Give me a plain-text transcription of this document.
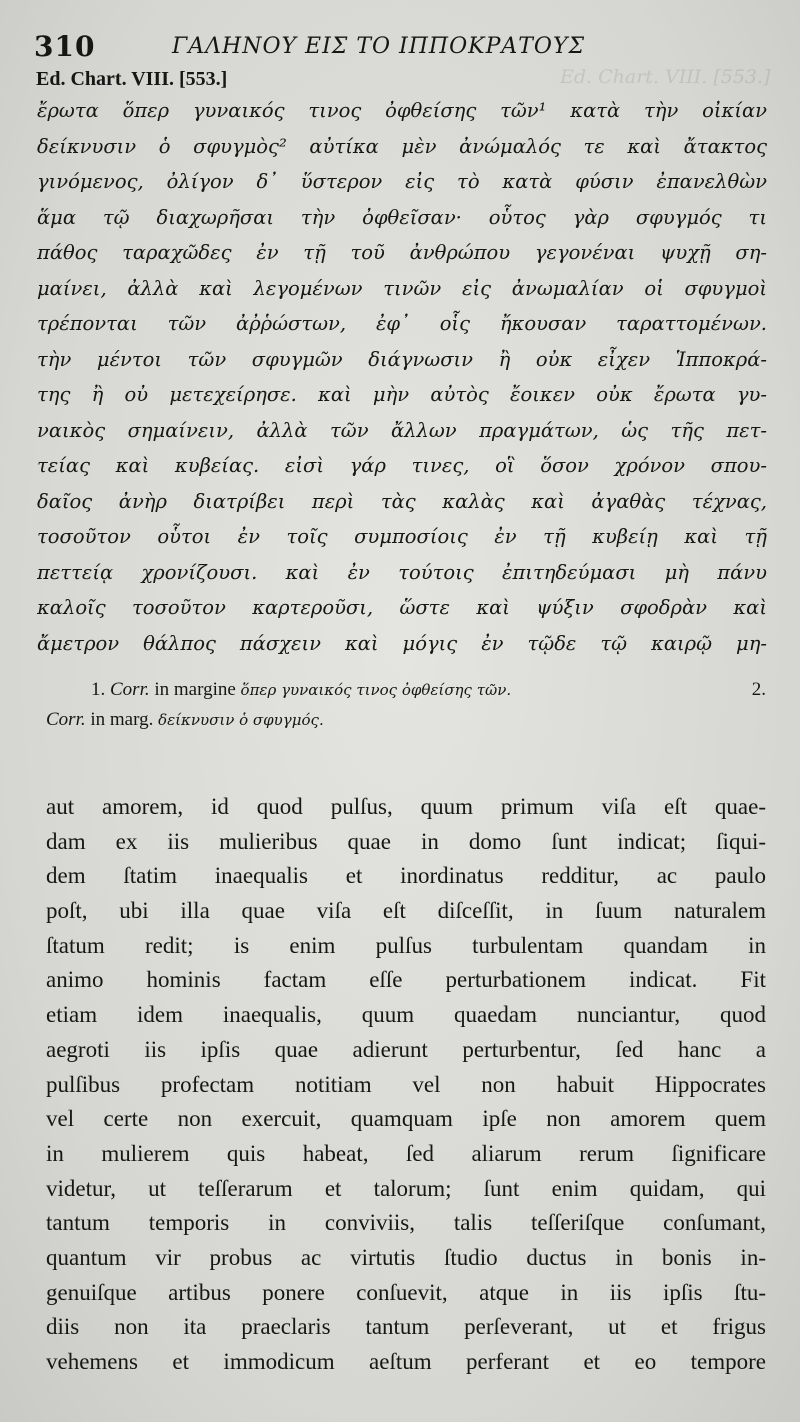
Ed. Chart. VIII. [553.]
310	ΓΑΛΗΝΟΥ ΕΙΣ ΤΟ ΙΠΠΟΚΡΑΤΟΥΣ
Ed. Chart. VIII. [553.]
ἔρωτα ὅπερ γυναικός τινος ὀφθείσης τῶν¹ κατὰ τὴν οἰκίαν
δείκνυσιν ὁ σφυγμὸς² αὐτίκα μὲν ἀνώμαλός τε καὶ ἄτακτος
γινόμενος, ὀλίγον δ᾽ ὕστερον εἰς τὸ κατὰ φύσιν ἐπανελθὼν
ἅμα τῷ διαχωρῆσαι τὴν ὀφθεῖσαν· οὗτος γὰρ σφυγμός τι
πάθος ταραχῶδες ἐν τῇ τοῦ ἀνθρώπου γεγονέναι ψυχῇ ση-
μαίνει, ἀλλὰ καὶ λεγομένων τινῶν εἰς ἀνωμαλίαν οἱ σφυγμοὶ
τρέπονται τῶν ἀῤῥώστων, ἐφ᾽ οἷς ἤκουσαν ταραττομένων.
τὴν μέντοι τῶν σφυγμῶν διάγνωσιν ἢ οὐκ εἶχεν Ἱπποκρά-
της ἢ οὐ μετεχείρησε. καὶ μὴν αὐτὸς ἔοικεν οὐκ ἔρωτα γυ-
ναικὸς σημαίνειν, ἀλλὰ τῶν ἄλλων πραγμάτων, ὡς τῆς πετ-
τείας καὶ κυβείας. εἰσὶ γάρ τινες, οἳ ὅσον χρόνον σπου-
δαῖος ἀνὴρ διατρίβει περὶ τὰς καλὰς καὶ ἀγαθὰς τέχνας,
τοσοῦτον οὗτοι ἐν τοῖς συμποσίοις ἐν τῇ κυβείῃ καὶ τῇ
πεττείᾳ χρονίζουσι. καὶ ἐν τούτοις ἐπιτηδεύμασι μὴ πάνυ
καλοῖς τοσοῦτον καρτεροῦσι, ὥστε καὶ ψύξιν σφοδρὰν καὶ
ἄμετρον θάλπος πάσχειν καὶ μόγις ἐν τῷδε τῷ καιρῷ μη-
1. Corr. in margine ὅπερ γυναικός τινος ὀφθείσης τῶν.	2.
Corr. in marg. δείκνυσιν ὁ σφυγμός.
aut amorem, id quod pulſus, quum primum viſa eſt quae-
dam ex iis mulieribus quae in domo ſunt indicat; ſiqui-
dem ſtatim inaequalis et inordinatus redditur, ac paulo
poſt, ubi illa quae viſa eſt diſceſſit, in ſuum naturalem
ſtatum redit; is enim pulſus turbulentam quandam in
animo hominis factam eſſe perturbationem indicat. Fit
etiam idem inaequalis, quum quaedam nunciantur, quod
aegroti iis ipſis quae adierunt perturbentur, ſed hanc a
pulſibus profectam notitiam vel non habuit Hippocrates
vel certe non exercuit, quamquam ipſe non amorem quem
in mulierem quis habeat, ſed aliarum rerum ſignificare
videtur, ut teſſerarum et talorum; ſunt enim quidam, qui
tantum temporis in conviviis, talis teſſeriſque conſumant,
quantum vir probus ac virtutis ſtudio ductus in bonis in-
genuiſque artibus ponere conſuevit, atque in iis ipſis ſtu-
diis non ita praeclaris tantum perſeverant, ut et frigus
vehemens et immodicum aeſtum perferant et eo tempore
